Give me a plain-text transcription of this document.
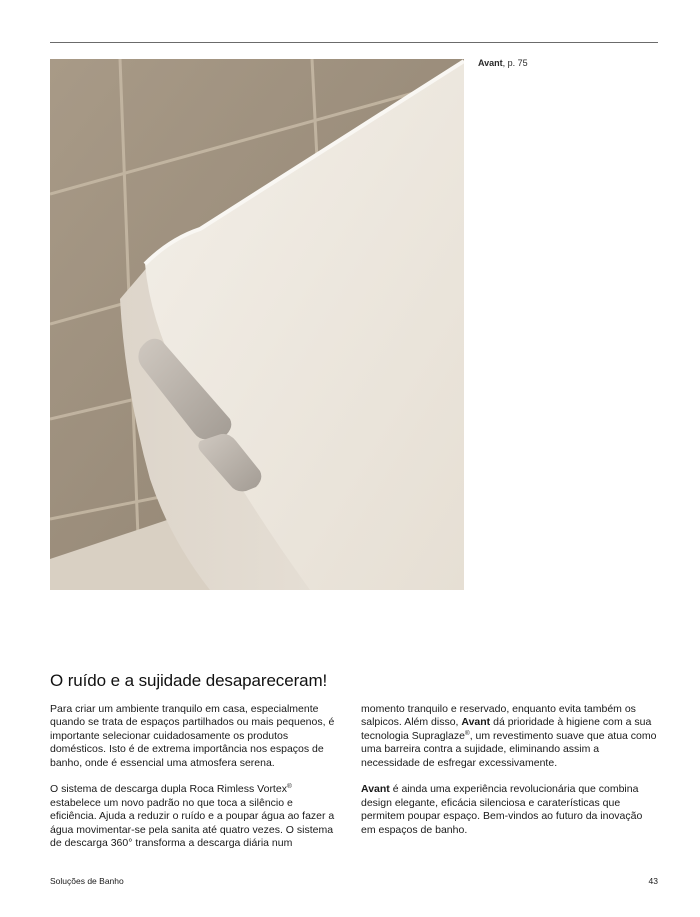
Avant, p. 75
O ruído e a sujidade desapareceram!

Para criar um ambiente tranquilo em casa, especialmente quando se trata de espaços partilhados ou mais pequenos, é importante selecionar cuidadosamente os produtos domésticos. Isto é de extrema importância nos espaços de banho, onde é essencial uma atmosfera serena.

O sistema de descarga dupla Roca Rimless Vortex® estabelece um novo padrão no que toca a silêncio e eficiência. Ajuda a reduzir o ruído e a poupar água ao fazer a água movimentar-se pela sanita até quatro vezes. O sistema de descarga 360° transforma a descarga diária num

momento tranquilo e reservado, enquanto evita também os salpicos. Além disso, Avant dá prioridade à higiene com a sua tecnologia Supraglaze®, um revestimento suave que atua como uma barreira contra a sujidade, eliminando assim a necessidade de esfregar excessivamente.

Avant é ainda uma experiência revolucionária que combina design elegante, eficácia silenciosa e caraterísticas que permitem poupar espaço. Bem-vindos ao futuro da inovação em espaços de banho.

Soluções de Banho	43
